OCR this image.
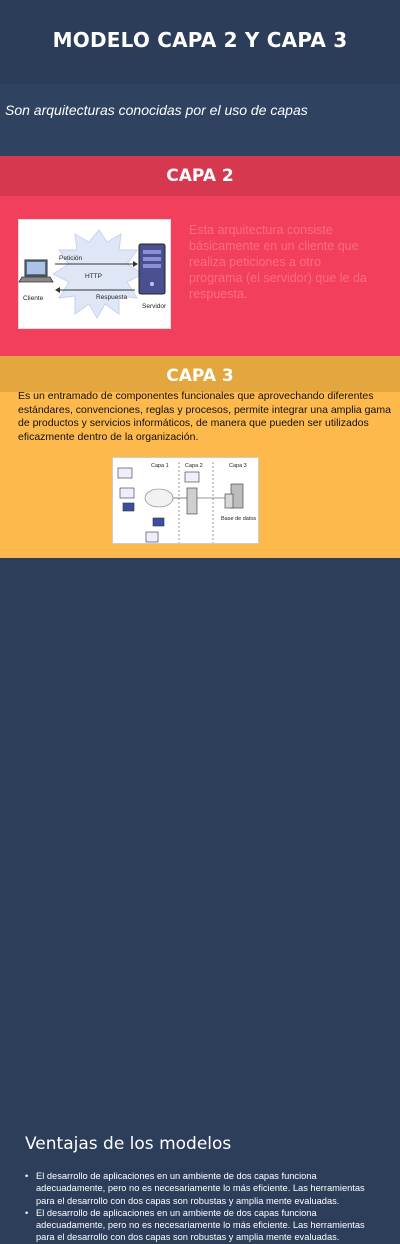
MODELO CAPA 2 Y CAPA 3

Son arquitecturas conocidas por el uso de capas

CAPA 2
Petición
HTTP
Respuesta
Cliente
Servidor

Esta arquitectura consiste básicamente en un cliente que realiza peticiones a otro programa (el servidor) que le da respuesta.

CAPA 3

Es un entramado de componentes funcionales que aprovechando diferentes estándares, convenciones, reglas y procesos, permite integrar una amplia gama de productos y servicios informáticos, de manera que pueden ser utilizados eficazmente dentro de la organización.

Capa 1	Capa 2	Capa 3
Base de datos
Ventajas de los modelos
• El desarrollo de aplicaciones en un ambiente de dos capas funciona adecuadamente, pero no es necesariamente lo más eficiente. Las herramientas para el desarrollo con dos capas son robustas y amplia mente evaluadas.
• El desarrollo de aplicaciones en un ambiente de dos capas funciona adecuadamente, pero no es necesariamente lo más eficiente. Las herramientas para el desarrollo con dos capas son robustas y amplia mente evaluadas.
